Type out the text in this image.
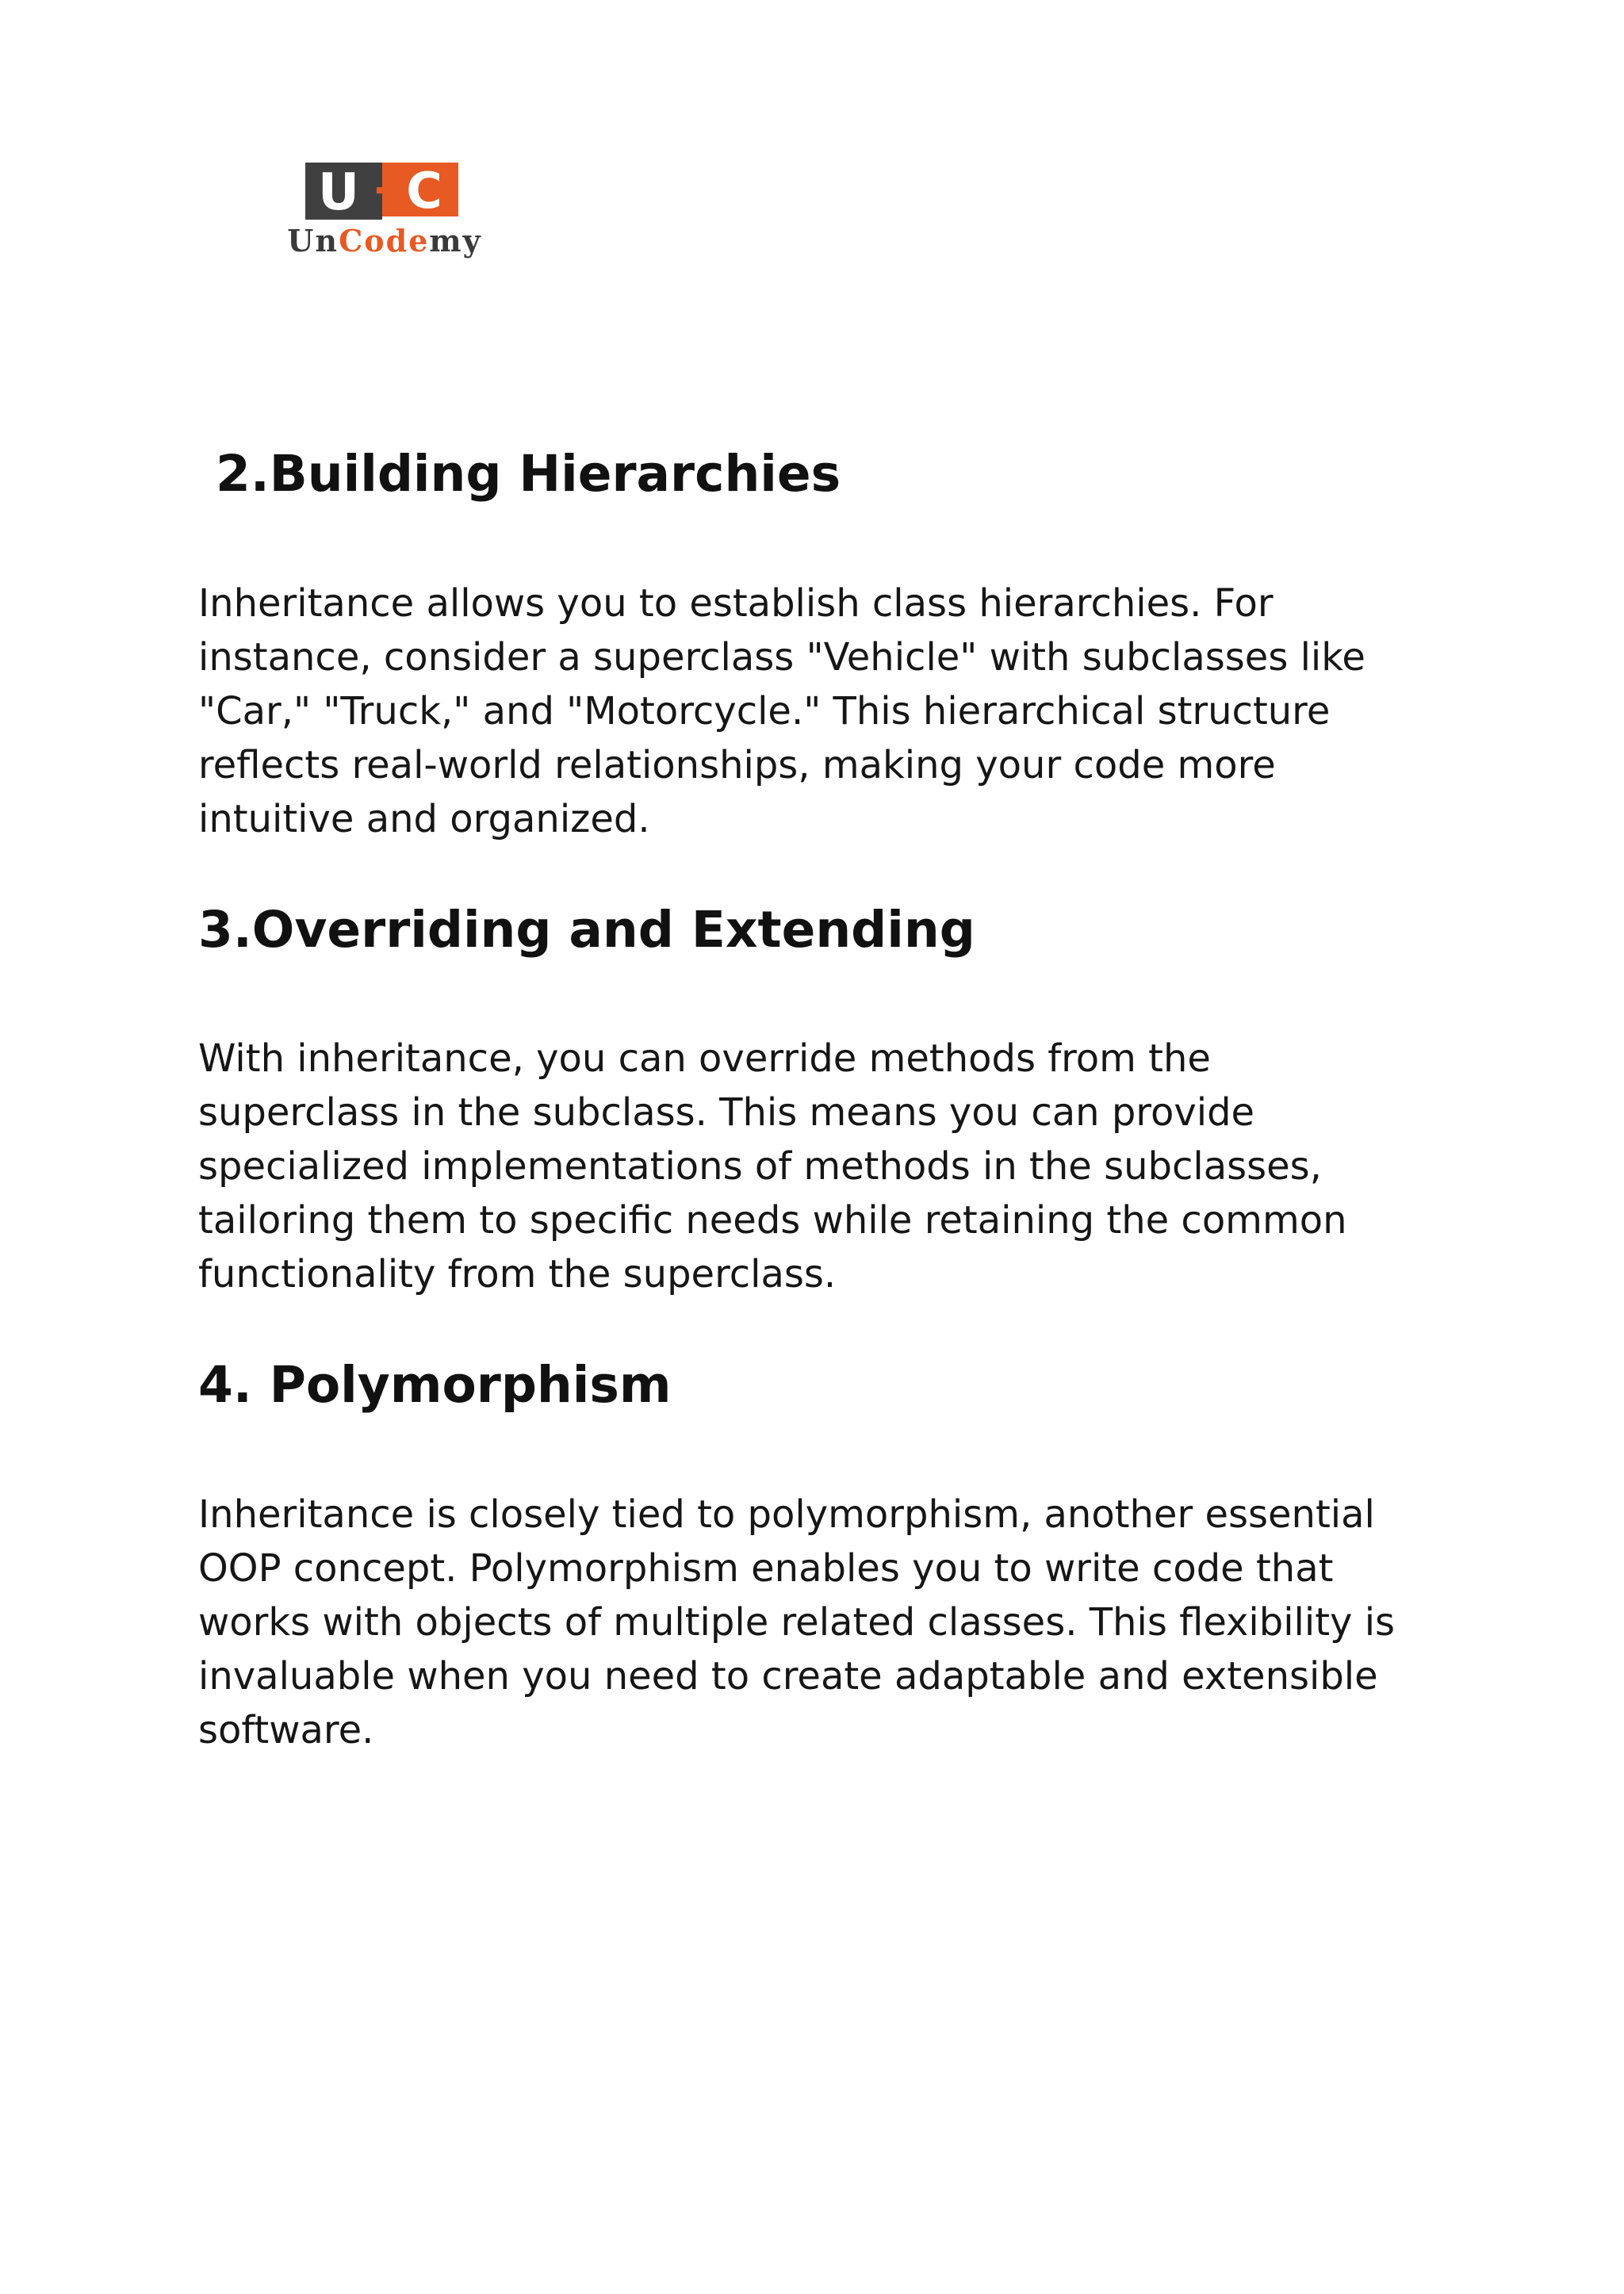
U C
UnCodemy
2.Building Hierarchies

Inheritance allows you to establish class hierarchies. For
instance, consider a superclass "Vehicle" with subclasses like
"Car," "Truck," and "Motorcycle." This hierarchical structure
reflects real-world relationships, making your code more
intuitive and organized.

3.Overriding and Extending

With inheritance, you can override methods from the
superclass in the subclass. This means you can provide
specialized implementations of methods in the subclasses,
tailoring them to specific needs while retaining the common
functionality from the superclass.

4. Polymorphism

Inheritance is closely tied to polymorphism, another essential
OOP concept. Polymorphism enables you to write code that
works with objects of multiple related classes. This flexibility is
invaluable when you need to create adaptable and extensible
software.
